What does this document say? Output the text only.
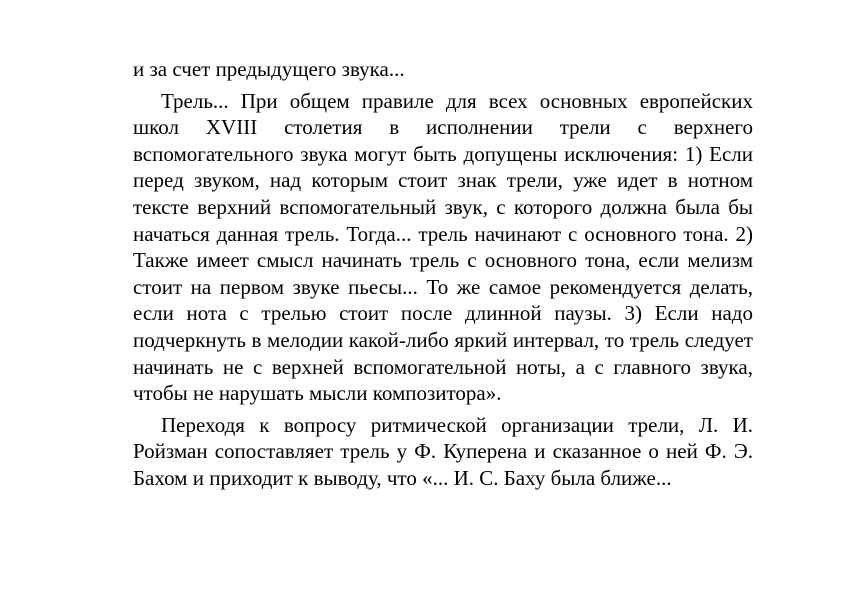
и за счет предыдущего звука...

Трель... При общем правиле для всех основных европейских школ XVIII столетия в исполнении трели с верхнего вспомогательного звука могут быть допущены исключения: 1) Если перед звуком, над которым стоит знак трели, уже идет в нотном тексте верхний вспомогательный звук, с которого должна была бы начаться данная трель. Тогда... трель начинают с основного тона. 2) Также имеет смысл начинать трель с основного тона, если мелизм стоит на первом звуке пьесы... То же самое рекомендуется делать, если нота с трелью стоит после длинной паузы. 3) Если надо подчеркнуть в мелодии какой-либо яркий интервал, то трель следует начинать не с верхней вспомогательной ноты, а с главного звука, чтобы не нарушать мысли композитора».

Переходя к вопросу ритмической организации трели, Л. И. Ройзман сопоставляет трель у Ф. Куперена и сказанное о ней Ф. Э. Бахом и приходит к выводу, что «... И. С. Баху была ближе...
